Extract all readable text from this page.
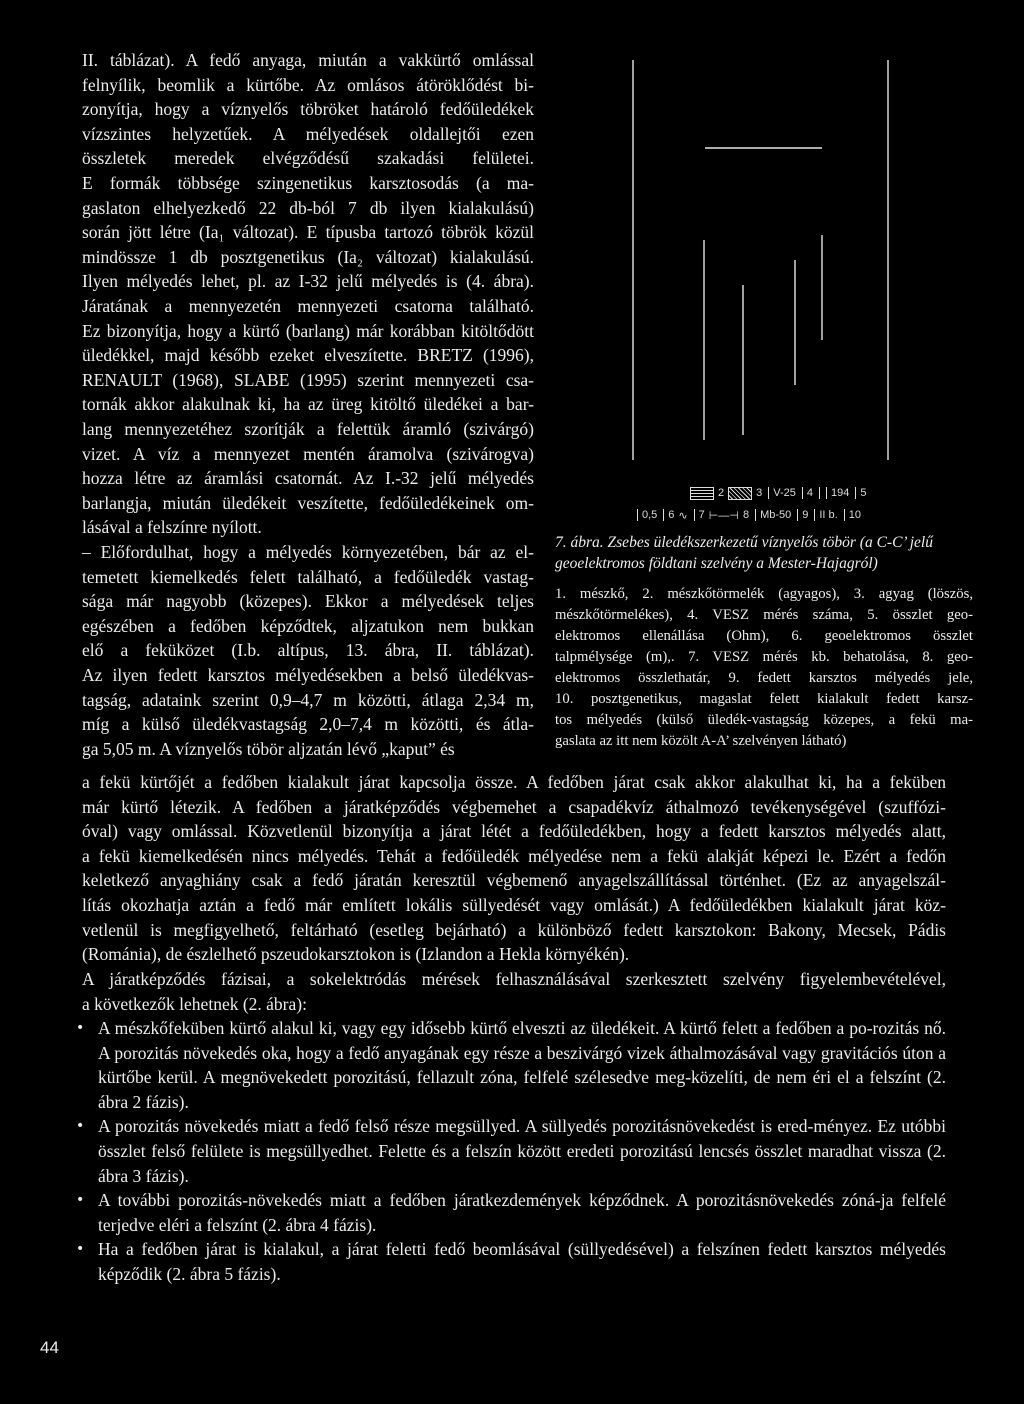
II. táblázat). A fedő anyaga, miután a vakkürtő omlással
felnyílik, beomlik a kürtőbe. Az omlásos átöröklődést bi-
zonyítja, hogy a víznyelős töbröket határoló fedőüledékek
vízszintes helyzetűek. A mélyedések oldallejtői ezen
összletek meredek elvégződésű szakadási felületei.
E formák többsége szingenetikus karsztosodás (a ma-
gaslaton elhelyezkedő 22 db-ból 7 db ilyen kialakulású)
során jött létre (Ia₁ változat). E típusba tartozó töbrök közül
mindössze 1 db posztgenetikus (Ia₂ változat) kialakulású.
Ilyen mélyedés lehet, pl. az I-32 jelű mélyedés is (4. ábra).
Járatának a mennyezetén mennyezeti csatorna található.
Ez bizonyítja, hogy a kürtő (barlang) már korábban kitöltődött
üledékkel, majd később ezeket elveszítette. BRETZ (1996),
RENAULT (1968), SLABE (1995) szerint mennyezeti csa-
tornák akkor alakulnak ki, ha az üreg kitöltő üledékei a bar-
lang mennyezetéhez szorítják a felettük áramló (szivárgó)
vizet. A víz a mennyezet mentén áramolva (szivárogva)
hozza létre az áramlási csatornát. Az I.-32 jelű mélyedés
barlangja, miután üledékeit veszítette, fedőüledékeinek om-
lásával a felszínre nyílott.
– Előfordulhat, hogy a mélyedés környezetében, bár az el-
temetett kiemelkedés felett található, a fedőüledék vastag-
sága már nagyobb (közepes). Ekkor a mélyedések teljes
egészében a fedőben képződtek, aljzatukon nem bukkan
elő a feküközet (I.b. altípus, 13. ábra, II. táblázat).
Az ilyen fedett karsztos mélyedésekben a belső üledékvas-
tagság, adataink szerint 0,9–4,7 m közötti, átlaga 2,34 m,
míg a külső üledékvastagság 2,0–7,4 m közötti, és átla-
ga 5,05 m. A víznyelős töbör aljzatán lévő „kaput” és
2	3 V-25 4 194 5
0,5 6 ∿ 7 ⊢—⊣ 8 Mb-50 9 II b. 10
7. ábra. Zsebes üledékszerkezetű víznyelős töbör (a C-C’ jelű geoelektromos földtani szelvény a Mester-Hajagról)
1. mészkő, 2. mészkőtörmelék (agyagos), 3. agyag (löszös,
mészkőtörmelékes), 4. VESZ mérés száma, 5. összlet geo-
elektromos ellenállása (Ohm), 6. geoelektromos összlet
talpmélysége (m),. 7. VESZ mérés kb. behatolása, 8. geo-
elektromos összlethatár, 9. fedett karsztos mélyedés jele,
10. posztgenetikus, magaslat felett kialakult fedett karsz-
tos mélyedés (külső üledék-vastagság közepes, a fekü ma-
gaslata az itt nem közölt A-A’ szelvényen látható)
a fekü kürtőjét a fedőben kialakult járat kapcsolja össze. A fedőben járat csak akkor alakulhat ki, ha a feküben
már kürtő létezik. A fedőben a járatképződés végbemehet a csapadékvíz áthalmozó tevékenységével (szuffózi-
óval) vagy omlással. Közvetlenül bizonyítja a járat létét a fedőüledékben, hogy a fedett karsztos mélyedés alatt,
a fekü kiemelkedésén nincs mélyedés. Tehát a fedőüledék mélyedése nem a fekü alakját képezi le. Ezért a fedőn
keletkező anyaghiány csak a fedő járatán keresztül végbemenő anyagelszállítással történhet. (Ez az anyagelszál-
lítás okozhatja aztán a fedő már említett lokális süllyedését vagy omlását.) A fedőüledékben kialakult járat köz-
vetlenül is megfigyelhető, feltárható (esetleg bejárható) a különböző fedett karsztokon: Bakony, Mecsek, Pádis
(Románia), de észlelhető pszeudokarsztokon is (Izlandon a Hekla környékén).
A járatképződés fázisai, a sokelektródás mérések felhasználásával szerkesztett szelvény figyelembevételével,
a következők lehetnek (2. ábra):
• A mészkőfeküben kürtő alakul ki, vagy egy idősebb kürtő elveszti az üledékeit. A kürtő felett a fedőben a po-rozitás nő. A porozitás növekedés oka, hogy a fedő anyagának egy része a beszivárgó vizek áthalmozásával vagy gravitációs úton a kürtőbe kerül. A megnövekedett porozitású, fellazult zóna, felfelé szélesedve meg-közelíti, de nem éri el a felszínt (2. ábra 2 fázis).
• A porozitás növekedés miatt a fedő felső része megsüllyed. A süllyedés porozitásnövekedést is ered-ményez. Ez utóbbi összlet felső felülete is megsüllyedhet. Felette és a felszín között eredeti porozitású lencsés összlet maradhat vissza (2. ábra 3 fázis).
• A további porozitás-növekedés miatt a fedőben járatkezdemények képződnek. A porozitásnövekedés zóná-ja felfelé terjedve eléri a felszínt (2. ábra 4 fázis).
• Ha a fedőben járat is kialakul, a járat feletti fedő beomlásával (süllyedésével) a felszínen fedett karsztos mélyedés képződik (2. ábra 5 fázis).
44
